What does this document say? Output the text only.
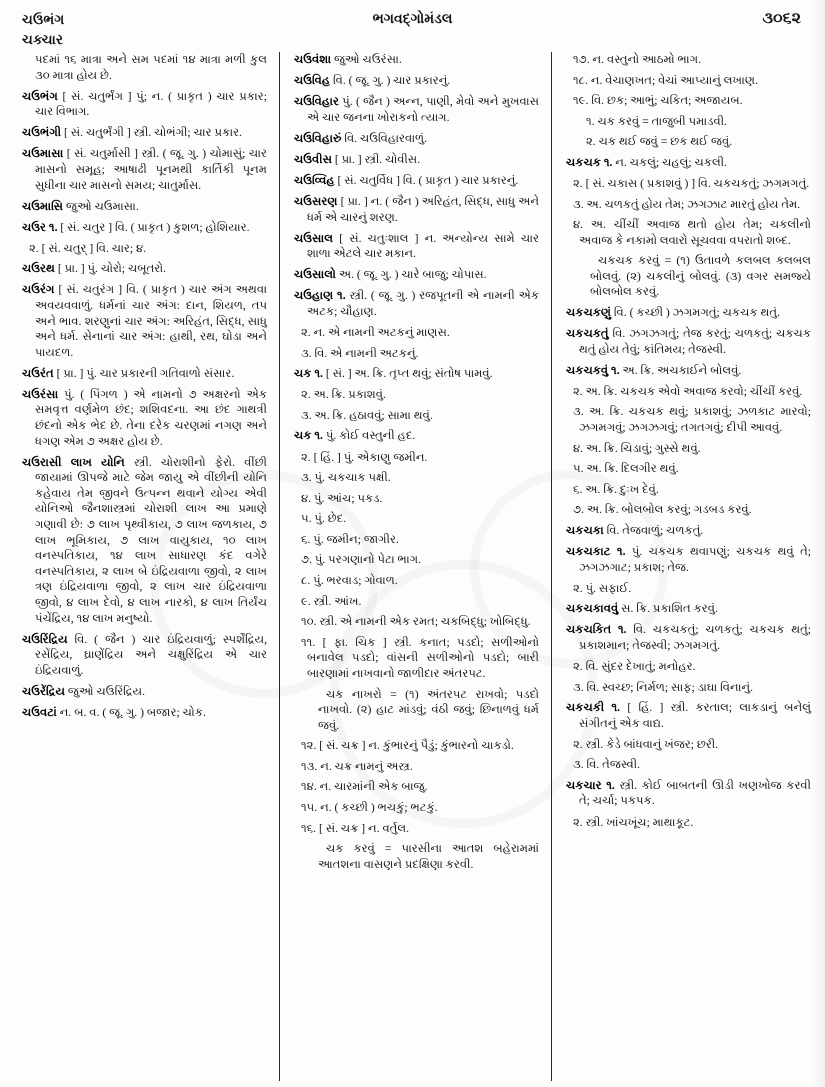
ચઉભંગ
ચક્ચાર
ભગવદ્ગોમંડલ	૩૦૬૨

પદમાં ૧૬ માત્રા અને સમ પદમાં ૧૪ માત્રા મળી કુલ ૩૦ માત્રા હોય છે.

ચઉભંગ [ સં. ચતુર્ભંગ ] પું; ન. ( પ્રાકૃત ) ચાર પ્રકાર; ચાર વિભાગ.

ચઉભંગી [ સં. ચતુર્ભંગી ] સ્ત્રી. ચોભંગી; ચાર પ્રકાર.

ચઉમાસા [ સં. ચતુર્માસી ] સ્ત્રી. ( જૂ. ગુ. ) ચોમાસું; ચાર માસનો સમૂહ; આષાઢી પૂનમથી કાર્તિકી પૂનમ સુધીના ચાર માસનો સમય; ચાતુર્માસ.

ચઉમાસિ જુઓ ચઉમાસા.

ચઉર ૧. [ સં. ચતુર ] વિ. ( પ્રાકૃત ) કુશળ; હોશિયાર.

૨. [ સં. ચતુર્ ] વિ. ચાર; ૪.

ચઉરથ [ પ્રા. ] પું. ચોરો; ચબૂતરો.

ચઉરંગ [ સં. ચતુરંગ ] વિ. ( પ્રાકૃત ) ચાર અંગ અથવા અવયવવાળું. ધર્મનાં ચાર અંગ: દાન, શિયળ, તપ અને ભાવ. શરણુનાં ચાર અંગ: અરિહંત, સિદ્ધ, સાધુ અને ધર્મ. સેનાનાં ચાર અંગ: હાથી, રથ, ઘોડા અને પાયદળ.

ચઉરંત [ પ્રા. ] પું. ચાર પ્રકારની ગતિવાળો સંસાર.

ચઉરંસા પું. ( પિંગળ ) એ નામનો ૭ અક્ષરનો એક સમવૃત્ત વર્ણમેળ છંદ; શશિવદના. આ છંદ ગાથત્રી છંદનો એક ભેદ છે. તેના દરેક ચરણમાં નગણ અને ધગણ એમ ૭ અક્ષર હોય છે.

ચઉરાસી લાખ યોનિ સ્ત્રી. ચોરાશીનો ફેરો. વીંછી જાયામાં ઊપજે માટે જેમ જાયુ એ વીંછીની યોનિ કહેવાય તેમ જીવને ઉત્પન્ન થવાને યોગ્ય એવી યોનિઓ જૈનશાસ્ત્રમાં ચોરાશી લાખ આ પ્રમાણે ગણાવી છે: ૭ લાખ પૃથ્વીકાય, ૭ લાખ જળકાય, ૭ લાખ ભૂમિકાય, ૭ લાખ વાયુકાય, ૧૦ લાખ વનસ્પતિકાય, ૧૪ લાખ સાધારણ કંદ વગેરે વનસ્પતિકાય, ૨ લાખ બે ઇંદ્રિયવાળા જીવો, ૨ લાખ ત્રણ ઇંદ્રિયવાળા જીવો, ૨ લાખ ચાર ઇંદ્રિયવાળા જીવો, ૪ લાખ દેવો, ૪ લાખ નારકો, ૪ લાખ તિર્યંચ પંચેંદ્રિય, ૧૪ લાખ મનુષ્યો.

ચઉરિંદ્રિય વિ. ( જૈન ) ચાર ઇંદ્રિયવાળું; સ્પર્શેંદ્રિય, રસેંદ્રિય, ઘ્રાણેંદ્રિય અને ચક્ષુરિંદ્રિય એ ચાર ઇંદ્રિયવાળું.

ચઉરેંદ્રિય જુઓ ચઉરિંદ્રિય.

ચઉવટાં ન. બ. વ. ( જૂ. ગુ. ) બજાર; ચોક.

ચઉવંશા જુઓ ચઉરંસા.

ચઉવિહ વિ. ( જૂ. ગુ. ) ચાર પ્રકારનું.

ચઉવિહાર પું. ( જૈન ) અન્ન, પાણી, મેવો અને મુખવાસ એ ચાર જનના ખોરાકનો ત્યાગ.

ચઉવિહારું વિ. ચઉવિહારવાળું.

ચઉવીસ [ પ્રા. ] સ્ત્રી. ચોવીસ.

ચઉવ્વિહ [ સં. ચતુર્વિધ ] વિ. ( પ્રાકૃત ) ચાર પ્રકારનું.

ચઉસરણ [ પ્રા. ] ન. ( જૈન ) અરિહંત, સિદ્ધ, સાધુ અને ધર્મ એ ચારનું શરણ.

ચઉસાલ [ સં. ચતુઃશાલ ] ન. અન્યોન્ય સામે ચાર શાળા એટલે ચાર મકાન.

ચઉસાલો અ. ( જૂ. ગુ. ) ચારે બાજુ; ચોપાસ.

ચઉહાણ ૧. સ્ત્રી. ( જૂ. ગુ. ) રજપૂતની એ નામની એક અટક; ચૌહાણ.

૨. ન. એ નામની અટકનું માણસ.

૩. વિ. એ નામની અટકનું.

ચક ૧. [ સં. ] અ. ક્રિ. તૃપ્ત થવું; સંતોષ પામવું.

૨. અ. ક્રિ. પ્રકાશવું.

૩. અ. ક્રિ. હઠાવવું; સામા થવું.

ચક ૧. પું. કોઈ વસ્તુની હદ.

૨. [ હિં. ] પું. એકાણુ જમીન.

૩. પું. ચકચાક પક્ષી.

૪. પું. આંચ; પકડ.

૫. પું. છેદ.

૬. પું. જમીન; જાગીર.

૭. પું. પરગણાનો પેટા ભાગ.

૮. પું. ભરવાડ; ગોવાળ.

૯. સ્ત્રી. આંખ.

૧૦. સ્ત્રી. એ નામની એક રમત; ચકબિદ્ધુ; ખોબિદ્ધુ.

૧૧. [ ફા. ચિક ] સ્ત્રી. કનાત; પડદો; સળીઓનો બનાવેલ પડદો; વાંસની સળીઓનો પડદો; બારી બારણામાં નાખવાનો જાળીદાર અંતરપટ.

ચક નાખરો = (૧) અંતરપટ રાખવો; પડદો નાખવો. (૨) હાટ માંડવું; વંઠી જવું; છિનાળવું ધર્મ જવું.

૧૨. [ સં. ચક્ર ] ન. કુંભારનું પૈડું; કુંભારનો ચાકડો.

૧૩. ન. ચક્ર નામનું અસ્ત્ર.

૧૪. ન. ચારમાંની એક બાજુ.

૧૫. ન. ( કચ્છી ) ભચકું; ભટકું.

૧૬. [ સં. ચક્ર ] ન. વર્તુલ.

ચક કરવું = પારસીના આતશ બહેરામમાં આતશના વાસણને પ્રદક્ષિણા કરવી.

૧૭. ન. વસ્તુનો આઠમો ભાગ.

૧૮. ન. વેચાણખત; વેચાં આપ્યાનું લખાણ.

૧૯. વિ. છક; આભું; ચકિત; અજાયબ.

૧. ચક કરવું = તાજુબી પમાડવી.

૨. ચક થઈ જવું = છક થઈ જવું.

ચકચક ૧. ન. ચકલું; ચહલું; ચકલી.

૨. [ સં. ચકાસ ( પ્રકાશવું ) ] વિ. ચકચકતું; ઝગમગતું.

૩. અ. ચળકતું હોય તેમ; ઝગઝાટ મારતું હોય તેમ.

૪. અ. ચીંચીં અવાજ થતો હોય તેમ; ચકલીનો અવાજ કે નકામો લવારો સૂચવવા વપરાતો શબ્દ.

ચકચક કરવું = (૧) ઉતાવળે કલબલ કલબલ બોલવું. (૨) ચકલીનું બોલવું. (૩) વગર સમજ્યે બોલબોલ કરવું.

ચકચકણું વિ. ( કચ્છી ) ઝગમગતું; ચકચક થતું.

ચકચકતું વિ. ઝગઝગતું; તેજ કરતું; ચળકતું; ચકચક થતું હોય તેવું; કાંતિમય; તેજસ્વી.

ચકચકવું ૧. અ. ક્રિ. અચકાઈને બોલવું.

૨. અ. ક્રિ. ચકચક એવો અવાજ કરવો; ચીંચીં કરવું.

૩. અ. ક્રિ. ચકચક થવું; પ્રકાશવું; ઝળકાટ મારવો; ઝગમગવું; ઝગઝગવું; તગતગવું; દીપી આવવું.

૪. અ. ક્રિ. ચિડાવું; ગુસ્સે થવું.

૫. અ. ક્રિ. દિલગીર થવું.

૬. અ. ક્રિ. દુઃખ દેવું.

૭. અ. ક્રિ. બોલબોલ કરવું; ગડબડ કરવું.

ચકચકા વિ. તેજવાળું; ચળકતું.

ચકચકાટ ૧. પું. ચકચક થવાપણું; ચકચક થવું તે; ઝગઝગાટ; પ્રકાશ; તેજ.

૨. પું. સફાઈ.

ચકચકાવવું સ. ક્રિ. પ્રકાશિત કરવું.

ચકચકિત ૧. વિ. ચકચકતું; ચળકતું; ચકચક થતું; પ્રકાશમાન; તેજસ્વી; ઝગમગતું.

૨. વિ. સુંદર દેખાતું; મનોહર.

૩. વિ. સ્વચ્છ; નિર્મળ; સાફ; ડાઘા વિનાનું.

ચકચકી ૧. [ હિં. ] સ્ત્રી. કરતાલ; લાકડાનું બનેલું સંગીતનું એક વાદ્ય.

૨. સ્ત્રી. કેડે બાંધવાનું ખંજર; છરી.

૩. વિ. તેજસ્વી.

ચકચાર ૧. સ્ત્રી. કોઈ બાબતની ઊડી ખણખોજ કરવી તે; ચર્ચા; પકપક.

૨. સ્ત્રી. ખાંચખૂંચ; માથાકૂટ.
